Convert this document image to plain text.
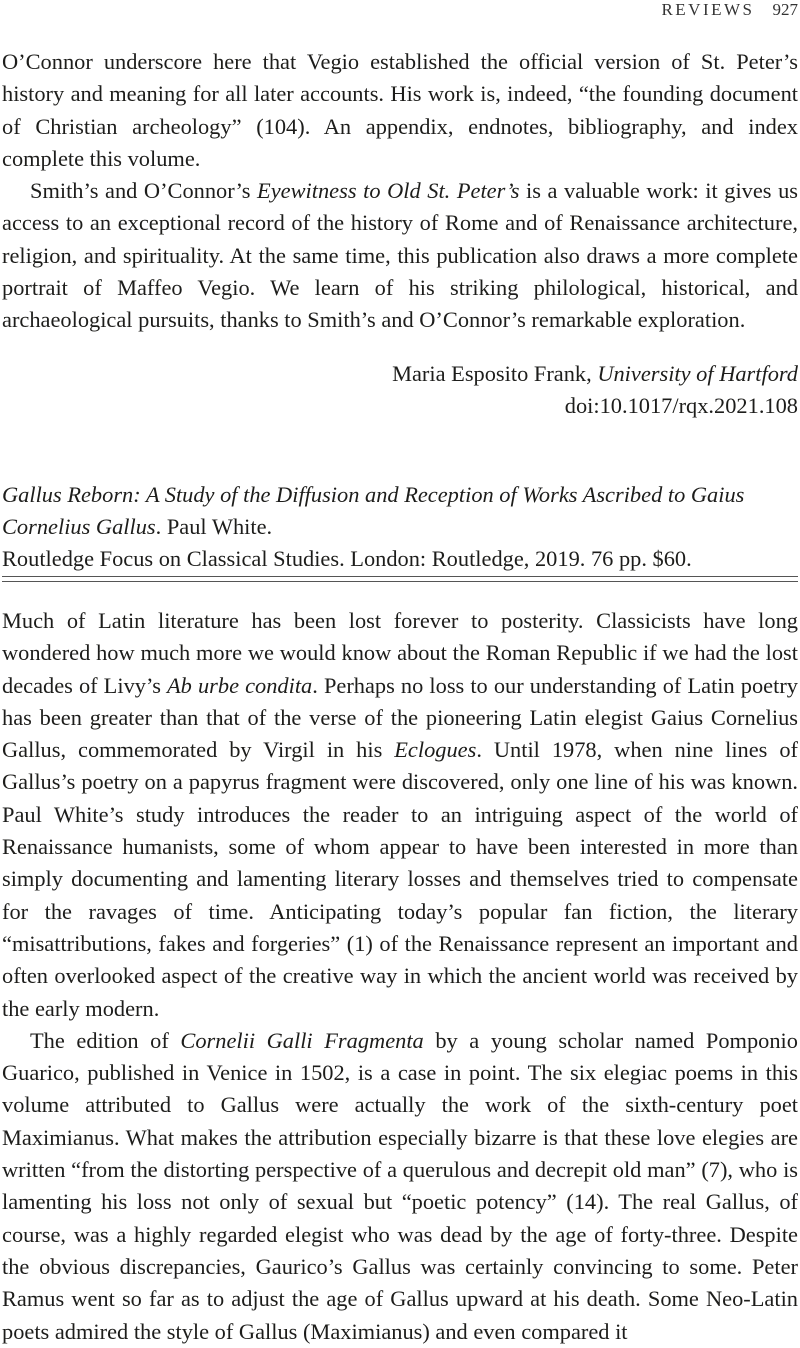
REVIEWS 927

O’Connor underscore here that Vegio established the official version of St. Peter’s history and meaning for all later accounts. His work is, indeed, “the founding document of Christian archeology” (104). An appendix, endnotes, bibliography, and index complete this volume.

Smith’s and O’Connor’s Eyewitness to Old St. Peter’s is a valuable work: it gives us access to an exceptional record of the history of Rome and of Renaissance architecture, religion, and spirituality. At the same time, this publication also draws a more complete portrait of Maffeo Vegio. We learn of his striking philological, historical, and archaeological pursuits, thanks to Smith’s and O’Connor’s remarkable exploration.

Maria Esposito Frank, University of Hartford
doi:10.1017/rqx.2021.108
Gallus Reborn: A Study of the Diffusion and Reception of Works Ascribed to Gaius Cornelius Gallus. Paul White.
Routledge Focus on Classical Studies. London: Routledge, 2019. 76 pp. $60.

Much of Latin literature has been lost forever to posterity. Classicists have long wondered how much more we would know about the Roman Republic if we had the lost decades of Livy’s Ab urbe condita. Perhaps no loss to our understanding of Latin poetry has been greater than that of the verse of the pioneering Latin elegist Gaius Cornelius Gallus, commemorated by Virgil in his Eclogues. Until 1978, when nine lines of Gallus’s poetry on a papyrus fragment were discovered, only one line of his was known. Paul White’s study introduces the reader to an intriguing aspect of the world of Renaissance humanists, some of whom appear to have been interested in more than simply documenting and lamenting literary losses and themselves tried to compensate for the ravages of time. Anticipating today’s popular fan fiction, the literary “misattributions, fakes and forgeries” (1) of the Renaissance represent an important and often overlooked aspect of the creative way in which the ancient world was received by the early modern.

The edition of Cornelii Galli Fragmenta by a young scholar named Pomponio Guarico, published in Venice in 1502, is a case in point. The six elegiac poems in this volume attributed to Gallus were actually the work of the sixth-century poet Maximianus. What makes the attribution especially bizarre is that these love elegies are written “from the distorting perspective of a querulous and decrepit old man” (7), who is lamenting his loss not only of sexual but “poetic potency” (14). The real Gallus, of course, was a highly regarded elegist who was dead by the age of forty-three. Despite the obvious discrepancies, Gaurico’s Gallus was certainly convincing to some. Peter Ramus went so far as to adjust the age of Gallus upward at his death. Some Neo-Latin poets admired the style of Gallus (Maximianus) and even compared it
